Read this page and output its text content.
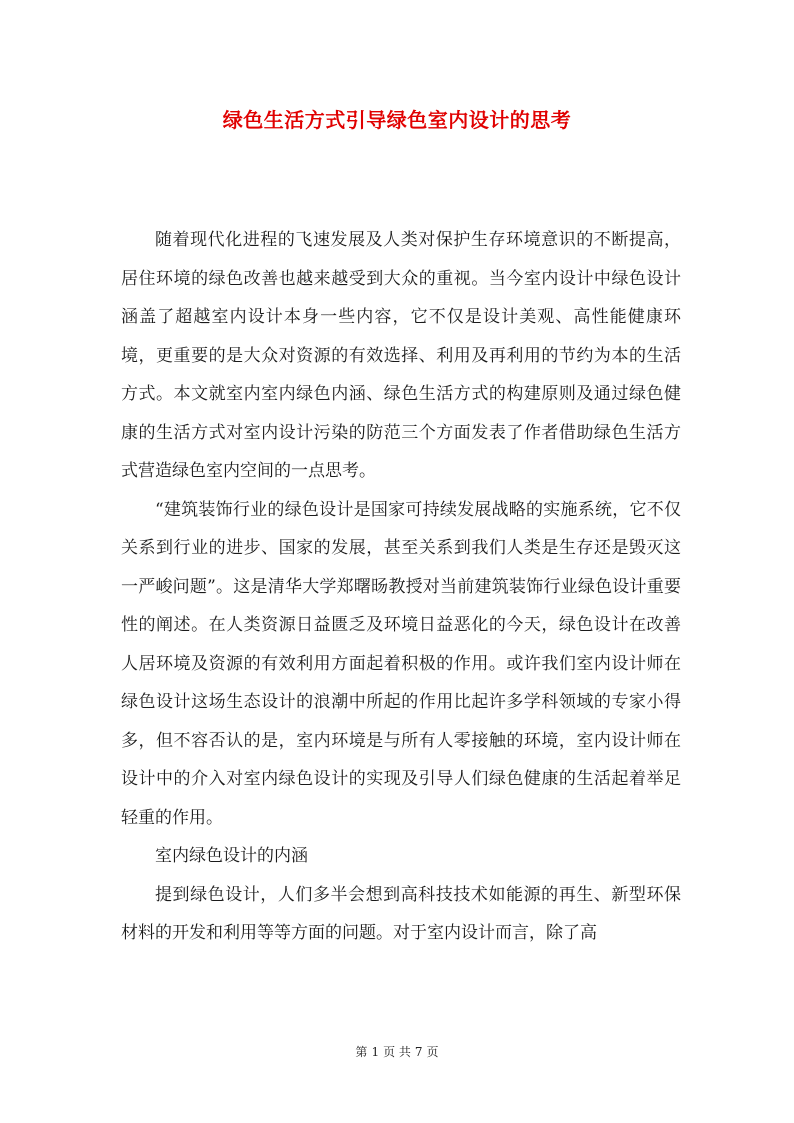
绿色生活方式引导绿色室内设计的思考

随着现代化进程的飞速发展及人类对保护生存环境意识的不断提高，居住环境的绿色改善也越来越受到大众的重视。当今室内设计中绿色设计涵盖了超越室内设计本身一些内容，它不仅是设计美观、高性能健康环境，更重要的是大众对资源的有效选择、利用及再利用的节约为本的生活方式。本文就室内室内绿色内涵、绿色生活方式的构建原则及通过绿色健康的生活方式对室内设计污染的防范三个方面发表了作者借助绿色生活方式营造绿色室内空间的一点思考。

“建筑装饰行业的绿色设计是国家可持续发展战略的实施系统，它不仅关系到行业的进步、国家的发展，甚至关系到我们人类是生存还是毁灭这一严峻问题”。这是清华大学郑曙旸教授对当前建筑装饰行业绿色设计重要性的阐述。在人类资源日益匮乏及环境日益恶化的今天，绿色设计在改善人居环境及资源的有效利用方面起着积极的作用。或许我们室内设计师在绿色设计这场生态设计的浪潮中所起的作用比起许多学科领域的专家小得多，但不容否认的是，室内环境是与所有人零接触的环境，室内设计师在设计中的介入对室内绿色设计的实现及引导人们绿色健康的生活起着举足轻重的作用。

室内绿色设计的内涵

提到绿色设计，人们多半会想到高科技技术如能源的再生、新型环保材料的开发和利用等等方面的问题。对于室内设计而言，除了高

第 1 页 共 7 页
